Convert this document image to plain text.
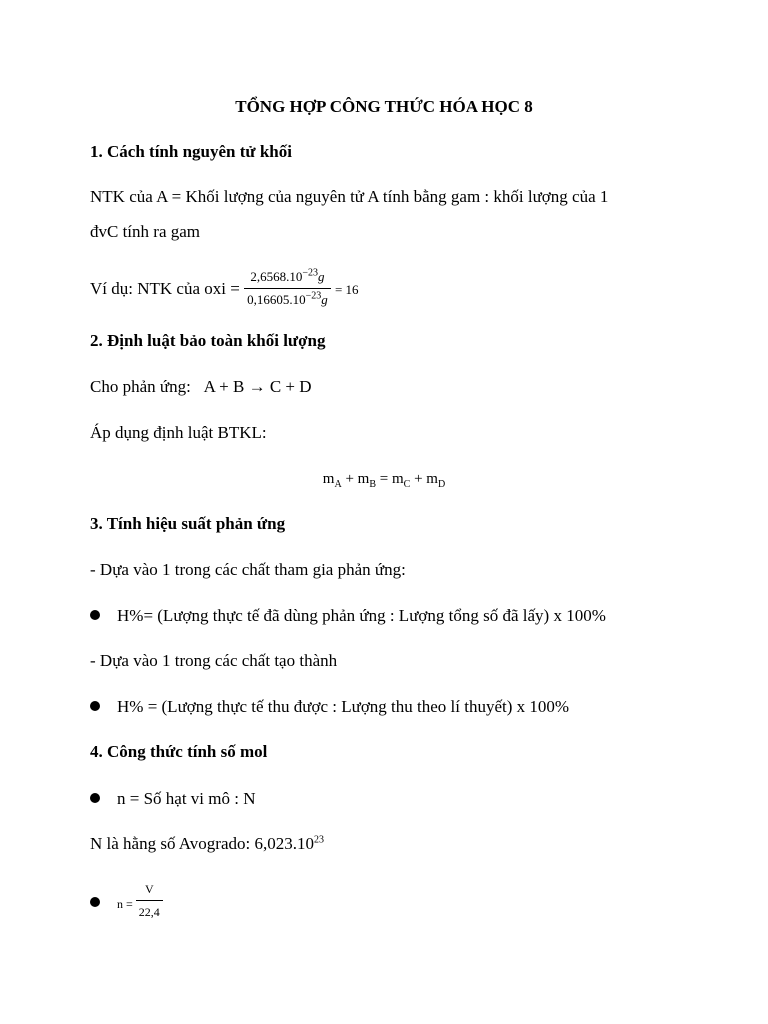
TỔNG HỢP CÔNG THỨC HÓA HỌC 8
1. Cách tính nguyên tử khối
NTK của A = Khối lượng của nguyên tử A tính bằng gam : khối lượng của 1
đvC tính ra gam
Ví dụ: NTK của oxi = $\frac{2,6568.10^{-23}g}{0,16605.10^{-23}g} = 16$
2. Định luật bảo toàn khối lượng
Cho phản ứng: A + B → C + D
Áp dụng định luật BTKL:
$m_A + m_B = m_C + m_D$
3. Tính hiệu suất phản ứng
- Dựa vào 1 trong các chất tham gia phản ứng:
H%= (Lượng thực tế đã dùng phản ứng : Lượng tổng số đã lấy) x 100%
- Dựa vào 1 trong các chất tạo thành
H% = (Lượng thực tế thu được : Lượng thu theo lí thuyết) x 100%
4. Công thức tính số mol
n = Số hạt vi mô : N
N là hằng số Avogrado: 6,023.10$^{23}$
$n = \frac{V}{22,4}$
